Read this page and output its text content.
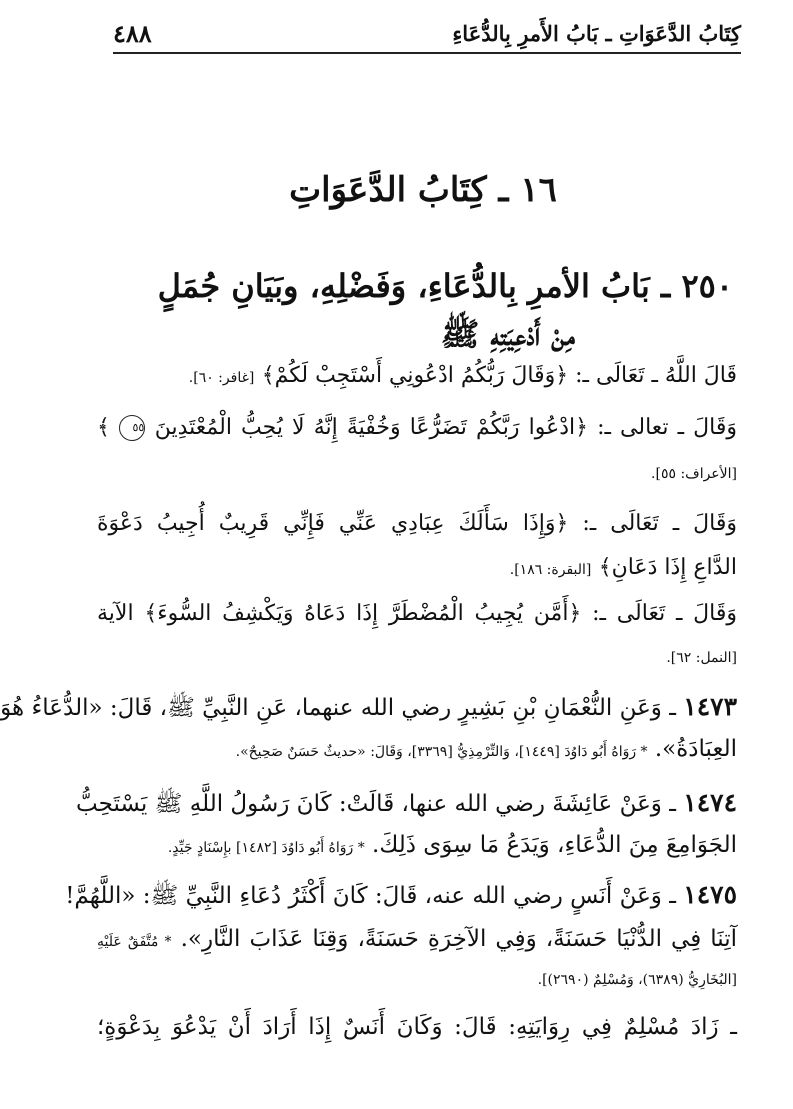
كِتَابُ الدَّعَوَاتِ ـ بَابُ الأَمرِ بِالدُّعَاءِ
٤٨٨
١٦ ـ كِتَابُ الدَّعَوَاتِ
٢٥٠ ـ بَابُ الأمرِ بِالدُّعَاءِ، وَفَضْلِهِ، وبَيَانِ جُمَلٍ
مِنْ أَدْعِيَتِهِ ﷺ
قَالَ اللَّهُ ـ تَعَالَى ـ: ﴿وَقَالَ رَبُّكُمُ ادْعُونِي أَسْتَجِبْ لَكُمْ﴾ [غافر: ٦٠].
وَقَالَ ـ تعالى ـ: ﴿ادْعُوا رَبَّكُمْ تَضَرُّعًا وَخُفْيَةً إِنَّهُ لَا يُحِبُّ الْمُعْتَدِينَ ٥٥ ﴾
[الأعراف: ٥٥].
وَقَالَ ـ تَعَالَى ـ: ﴿وَإِذَا سَأَلَكَ عِبَادِي عَنِّي فَإِنِّي قَرِيبٌ أُجِيبُ دَعْوَةَ
الدَّاعِ إِذَا دَعَانِ﴾ [البقرة: ١٨٦].
وَقَالَ ـ تَعَالَى ـ: ﴿أَمَّن يُجِيبُ الْمُضْطَرَّ إِذَا دَعَاهُ وَيَكْشِفُ السُّوءَ﴾ الآية
[النمل: ٦٢].
١٤٧٣ ـ وَعَنِ النُّعْمَانِ بْنِ بَشِيرٍ رضي الله عنهما، عَنِ النَّبِيِّ ﷺ، قَالَ: «الدُّعَاءُ هُوَ
العِبَادَةُ». * رَوَاهُ أَبُو دَاوُدَ [١٤٤٩]، وَالتِّرْمِذِيُّ [٣٣٦٩]، وَقَالَ: «حديثٌ حَسَنٌ صَحِيحٌ».
١٤٧٤ ـ وَعَنْ عَائِشَةَ رضي الله عنها، قَالَتْ: كَانَ رَسُولُ اللَّهِ ﷺ يَسْتَحِبُّ
الجَوَامِعَ مِنَ الدُّعَاءِ، وَيَدَعُ مَا سِوَى ذَلِكَ. * رَوَاهُ أَبُو دَاوُدَ [١٤٨٢] بإِسْنَادٍ جَيِّدٍ.
١٤٧٥ ـ وَعَنْ أَنَسٍ رضي الله عنه، قَالَ: كَانَ أَكْثَرُ دُعَاءِ النَّبِيِّ ﷺ: «اللَّهُمَّ!
آتِنَا فِي الدُّنْيَا حَسَنَةً، وَفِي الآخِرَةِ حَسَنَةً، وَقِنَا عَذَابَ النَّارِ». * مُتَّفَقٌ عَلَيْهِ
[البُخَارِيُّ (٦٣٨٩)، وَمُسْلِمٌ (٢٦٩٠)].
ـ زَادَ مُسْلِمٌ فِي رِوَايَتِهِ: قَالَ: وَكَانَ أَنَسٌ إِذَا أَرَادَ أَنْ يَدْعُوَ بِدَعْوَةٍ؛
